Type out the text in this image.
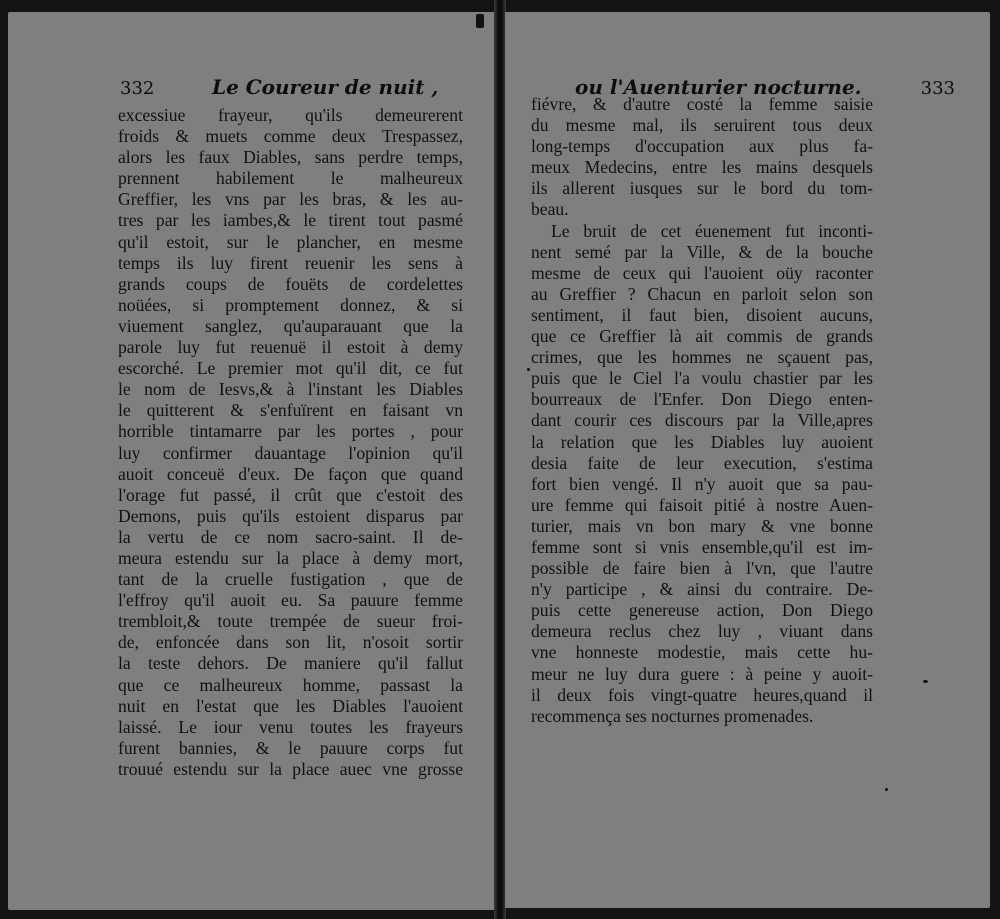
332	Le Coureur de nuit ,
excessiue frayeur, qu'ils demeurerent
froids & muets comme deux Trespassez,
alors les faux Diables, sans perdre temps,
prennent habilement le malheureux
Greffier, les vns par les bras, & les au-
tres par les iambes,& le tirent tout pasmé
qu'il estoit, sur le plancher, en mesme
temps ils luy firent reuenir les sens à
grands coups de fouëts de cordelettes
noüées, si promptement donnez, & si
viuement sanglez, qu'auparauant que la
parole luy fut reuenuë il estoit à demy
escorché. Le premier mot qu'il dit, ce fut
le nom de Iesvs,& à l'instant les Diables
le quitterent & s'enfuïrent en faisant vn
horrible tintamarre par les portes , pour
luy confirmer dauantage l'opinion qu'il
auoit conceuë d'eux. De façon que quand
l'orage fut passé, il crût que c'estoit des
Demons, puis qu'ils estoient disparus par
la vertu de ce nom sacro-saint. Il de-
meura estendu sur la place à demy mort,
tant de la cruelle fustigation , que de
l'effroy qu'il auoit eu. Sa pauure femme
trembloit,& toute trempée de sueur froi-
de, enfoncée dans son lit, n'osoit sortir
la teste dehors. De maniere qu'il fallut
que ce malheureux homme, passast la
nuit en l'estat que les Diables l'auoient
laissé. Le iour venu toutes les frayeurs
furent bannies, & le pauure corps fut
trouué estendu sur la place auec vne grosse
ou l'Auenturier nocturne.	333
fiévre, & d'autre costé la femme saisie
du mesme mal, ils seruirent tous deux
long-temps d'occupation aux plus fa-
meux Medecins, entre les mains desquels
ils allerent iusques sur le bord du tom-
beau.
Le bruit de cet éuenement fut inconti-
nent semé par la Ville, & de la bouche
mesme de ceux qui l'auoient oüy raconter
au Greffier ? Chacun en parloit selon son
sentiment, il faut bien, disoient aucuns,
que ce Greffier là ait commis de grands
crimes, que les hommes ne sçauent pas,
puis que le Ciel l'a voulu chastier par les
bourreaux de l'Enfer. Don Diego enten-
dant courir ces discours par la Ville,apres
la relation que les Diables luy auoient
desia faite de leur execution, s'estima
fort bien vengé. Il n'y auoit que sa pau-
ure femme qui faisoit pitié à nostre Auen-
turier, mais vn bon mary & vne bonne
femme sont si vnis ensemble,qu'il est im-
possible de faire bien à l'vn, que l'autre
n'y participe , & ainsi du contraire. De-
puis cette genereuse action, Don Diego
demeura reclus chez luy , viuant dans
vne honneste modestie, mais cette hu-
meur ne luy dura guere : à peine y auoit-
il deux fois vingt-quatre heures,quand il
recommença ses nocturnes promenades.
